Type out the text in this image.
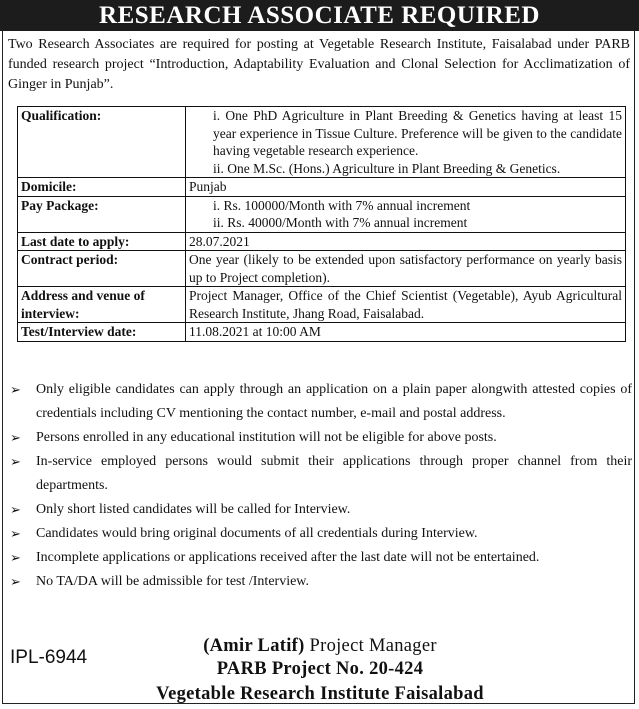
RESEARCH ASSOCIATE REQUIRED
Two Research Associates are required for posting at Vegetable Research Institute, Faisalabad under PARB funded research project “Introduction, Adaptability Evaluation and Clonal Selection for Acclimatization of Ginger in Punjab”.
Qualification:	i. One PhD Agriculture in Plant Breeding & Genetics having at least 15 year experience in Tissue Culture. Preference will be given to the candidate having vegetable research experience.
ii. One M.Sc. (Hons.) Agriculture in Plant Breeding & Genetics.

Domicile:	Punjab
Pay Package:	i. Rs. 100000/Month with 7% annual increment
ii. Rs. 40000/Month with 7% annual increment

Last date to apply:	28.07.2021
Contract period:	One year (likely to be extended upon satisfactory performance on yearly basis up to Project completion).
Address and venue of interview:	Project Manager, Office of the Chief Scientist (Vegetable), Ayub Agricultural Research Institute, Jhang Road, Faisalabad.
Test/Interview date:	11.08.2021 at 10:00 AM
➢ Only eligible candidates can apply through an application on a plain paper alongwith attested copies of credentials including CV mentioning the contact number, e-mail and postal address.
➢ Persons enrolled in any educational institution will not be eligible for above posts.
➢ In-service employed persons would submit their applications through proper channel from their departments.
➢ Only short listed candidates will be called for Interview.
➢ Candidates would bring original documents of all credentials during Interview.
➢ Incomplete applications or applications received after the last date will not be entertained.
➢ No TA/DA will be admissible for test /Interview.
IPL-6944
(Amir Latif) Project Manager
PARB Project No. 20-424
Vegetable Research Institute Faisalabad
